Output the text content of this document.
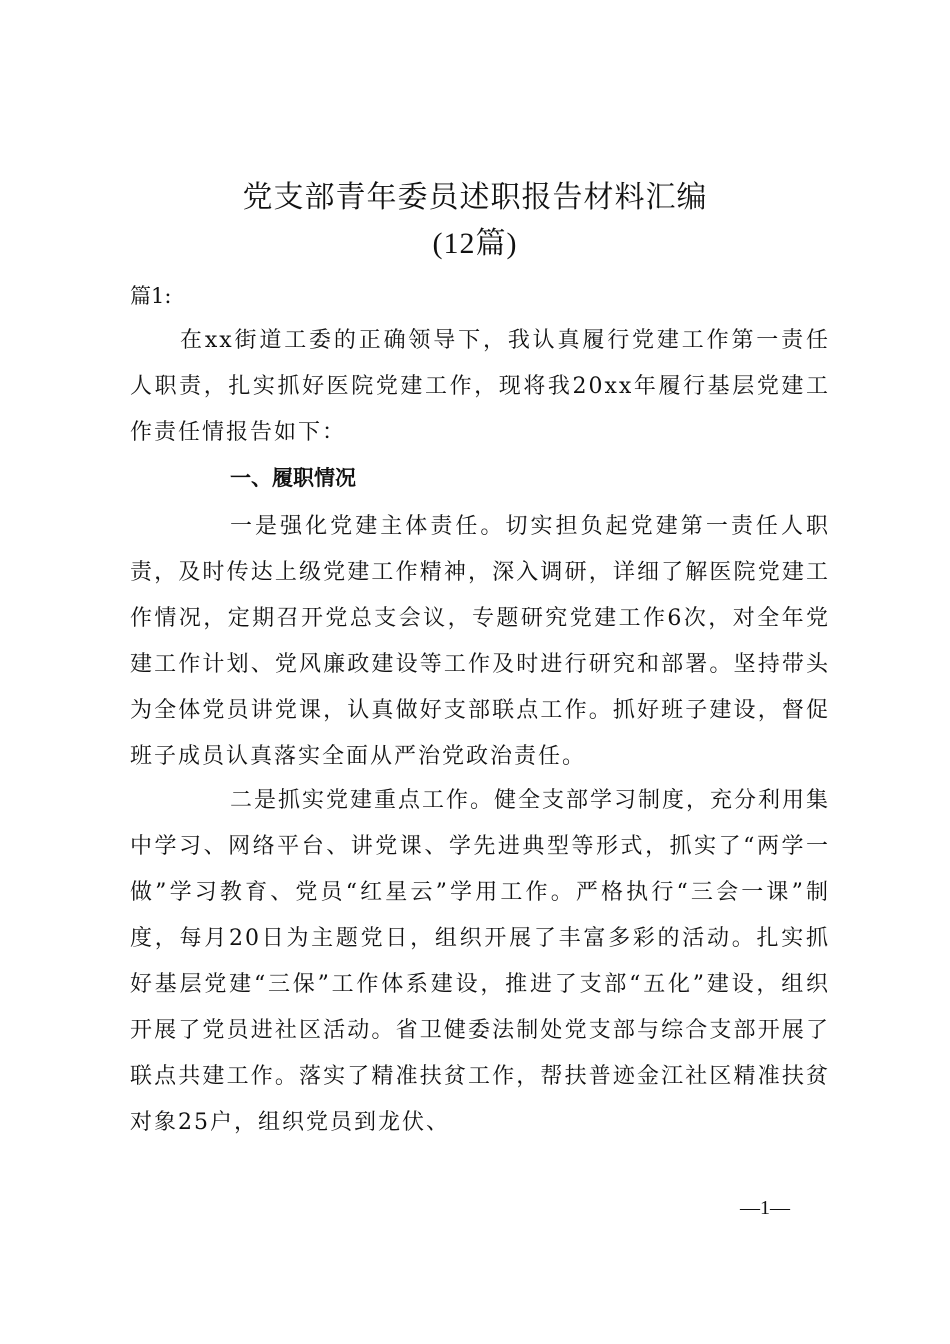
党支部青年委员述职报告材料汇编
(12篇)
篇1:
在xx街道工委的正确领导下，我认真履行党建工作第一责任人职责，扎实抓好医院党建工作，现将我20xx年履行基层党建工作责任情报告如下：
一、履职情况
一是强化党建主体责任。切实担负起党建第一责任人职责，及时传达上级党建工作精神，深入调研，详细了解医院党建工作情况，定期召开党总支会议，专题研究党建工作6次，对全年党建工作计划、党风廉政建设等工作及时进行研究和部署。坚持带头为全体党员讲党课，认真做好支部联点工作。抓好班子建设，督促班子成员认真落实全面从严治党政治责任。
二是抓实党建重点工作。健全支部学习制度，充分利用集中学习、网络平台、讲党课、学先进典型等形式，抓实了“两学一做”学习教育、党员“红星云”学用工作。严格执行“三会一课”制度，每月20日为主题党日，组织开展了丰富多彩的活动。扎实抓好基层党建“三保”工作体系建设，推进了支部“五化”建设，组织开展了党员进社区活动。省卫健委法制处党支部与综合支部开展了联点共建工作。落实了精准扶贫工作，帮扶普迹金江社区精准扶贫对象25户，组织党员到龙伏、
—1—
